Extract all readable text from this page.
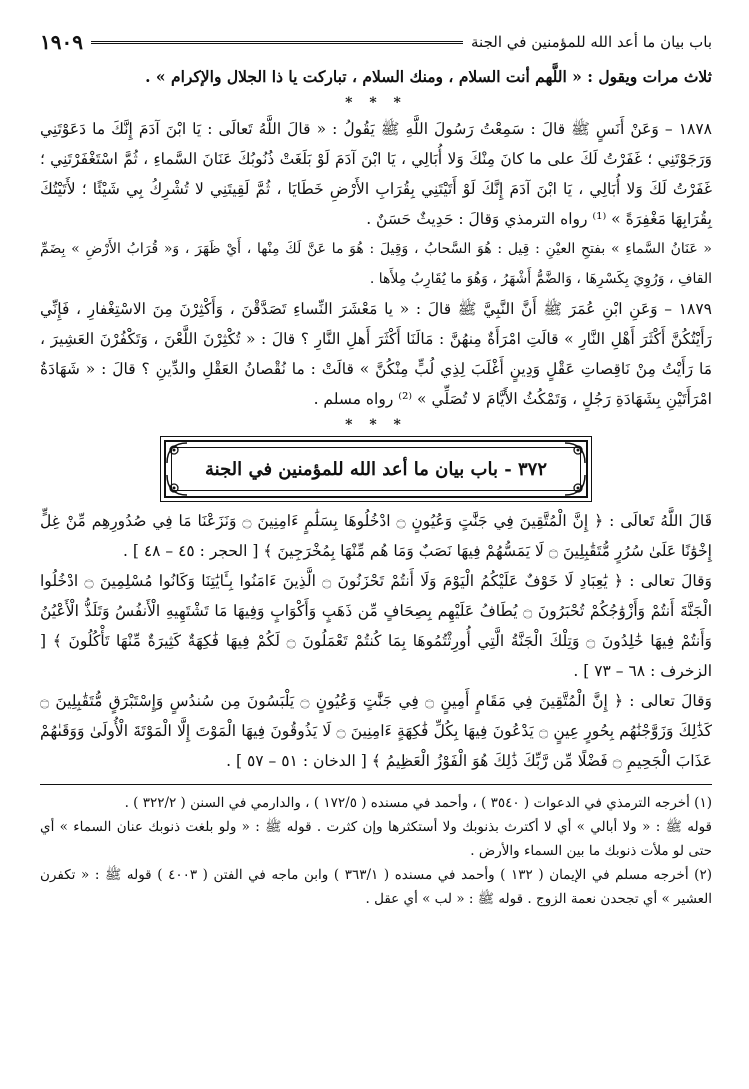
باب بيان ما أعد الله للمؤمنين في الجنة
١٩٠٩

ثلاث مرات ويقول : « اللَّهم أنت السلام ، ومنك السلام ، تباركت يا ذا الجلال والإكرام » .

* * *

١٨٧٨ – وَعَنْ أَنَسٍ ﷺ قالَ : سَمِعْتُ رَسُولَ اللَّهِ ﷺ يَقُولُ : « قالَ اللَّهُ تَعالَى : يَا ابْنَ آدَمَ إِنَّكَ ما دَعَوْتَنِي وَرَجَوْتَنِي ؛ غَفَرْتُ لَكَ على ما كانَ مِنْكَ وَلا أُبَالِي ، يَا ابْنَ آدَمَ لَوْ بَلَغَتْ ذُنُوبُكَ عَنَانَ السَّماءِ ، ثُمَّ اسْتَغْفَرْتَنِي ؛ غَفَرْتُ لَكَ وَلا أُبَالِي ، يَا ابْنَ آدَمَ إِنَّكَ لَوْ أَتَيْتَنِي بِقُرَابِ الأَرْضِ خَطَايَا ، ثُمَّ لَقِيتَنِي لا تُشْرِكُ بِي شَيْئًا ؛ لأَتَيْتُكَ بِقُرَابِهَا مَغْفِرَةً » ⁽¹⁾ رواه الترمذي وَقالَ : حَدِيثٌ حَسَنٌ .

« عَنَانُ السَّماءِ » بفتحِ العيْنِ : قِيل : هُوَ السَّحابُ ، وَقِيلَ : هُوَ ما عَنَّ لَكَ مِنْها ، أَيْ ظَهَرَ ، وَ« قُرَابُ الأَرْضِ » بِضَمِّ القافِ ، وَرُوِيَ بِكَسْرِهَا ، وَالضَّمُّ أَشْهَرُ ، وَهُوَ ما يُقَارِبُ مِلأَها .

١٨٧٩ – وَعَنِ ابْنِ عُمَرَ ﷺ أَنَّ النَّبِيَّ ﷺ قالَ : « يا مَعْشَرَ النِّساءِ تَصَدَّقْنَ ، وَأَكْثِرْنَ مِنَ الاسْتِغْفارِ ، فَإِنِّي رَأَيْتُكُنَّ أَكْثَرَ أَهْلِ النَّارِ » قالَتِ امْرَأَةٌ مِنهُنَّ : مَالَنَا أَكْثَرَ أَهلِ النَّارِ ؟ قالَ : « تُكْثِرْنَ اللَّعْنَ ، وَتَكْفُرْنَ العَشِيرَ ، مَا رَأَيْتُ مِنْ نَاقِصاتِ عَقْلٍ وَدِينٍ أَغْلَبَ لِذِي لُبٍّ مِنْكُنَّ » قالَتْ : ما نُقْصانُ العَقْلِ والدِّينِ ؟ قالَ : « شَهَادَةُ امْرَأَتَيْنِ بِشَهَادَةِ رَجُلٍ ، وَتَمْكُثُ الأَيَّامَ لا تُصَلِّي » ⁽²⁾ رواه مسلم .

* * *
٣٧٢ - باب بيان ما أعد الله للمؤمنين في الجنة

قَالَ اللَّهُ تَعالَى : ﴿ إِنَّ الْمُتَّقِينَ فِي جَنَّٰتٍ وَعُيُونٍ ۝ ادْخُلُوهَا بِسَلَٰمٍ ءَامِنِينَ ۝ وَنَزَعْنَا مَا فِي صُدُورِهِم مِّنْ غِلٍّ إِخْوَٰنًا عَلَىٰ سُرُرٍ مُّتَقَٰبِلِينَ ۝ لَا يَمَسُّهُمْ فِيهَا نَصَبٌ وَمَا هُم مِّنْهَا بِمُخْرَجِينَ ﴾ [ الحجر : ٤٥ – ٤٨ ] .

وَقالَ تعالى : ﴿ يَٰعِبَادِ لَا خَوْفٌ عَلَيْكُمُ الْيَوْمَ وَلَا أَنتُمْ تَحْزَنُونَ ۝ الَّذِينَ ءَامَنُوا بِـَٔايَٰتِنَا وَكَانُوا مُسْلِمِينَ ۝ ادْخُلُوا الْجَنَّةَ أَنتُمْ وَأَزْوَٰجُكُمْ تُحْبَرُونَ ۝ يُطَافُ عَلَيْهِم بِصِحَافٍ مِّن ذَهَبٍ وَأَكْوَابٍ وَفِيهَا مَا تَشْتَهِيهِ الْأَنفُسُ وَتَلَذُّ الْأَعْيُنُ وَأَنتُمْ فِيهَا خَٰلِدُونَ ۝ وَتِلْكَ الْجَنَّةُ الَّتِي أُورِثْتُمُوهَا بِمَا كُنتُمْ تَعْمَلُونَ ۝ لَكُمْ فِيهَا فَٰكِهَةٌ كَثِيرَةٌ مِّنْهَا تَأْكُلُونَ ﴾ [ الزخرف : ٦٨ – ٧٣ ] .

وَقالَ تعالى : ﴿ إِنَّ الْمُتَّقِينَ فِي مَقَامٍ أَمِينٍ ۝ فِي جَنَّٰتٍ وَعُيُونٍ ۝ يَلْبَسُونَ مِن سُندُسٍ وَإِسْتَبْرَقٍ مُّتَقَٰبِلِينَ ۝ كَذَٰلِكَ وَزَوَّجْنَٰهُم بِحُورٍ عِينٍ ۝ يَدْعُونَ فِيهَا بِكُلِّ فَٰكِهَةٍ ءَامِنِينَ ۝ لَا يَذُوقُونَ فِيهَا الْمَوْتَ إِلَّا الْمَوْتَةَ الْأُولَىٰ وَوَقَىٰهُمْ عَذَابَ الْجَحِيمِ ۝ فَضْلًا مِّن رَّبِّكَ ذَٰلِكَ هُوَ الْفَوْزُ الْعَظِيمُ ﴾ [ الدخان : ٥١ – ٥٧ ] .

(١) أخرجه الترمذي في الدعوات ( ٣٥٤٠ ) ، وأحمد في مسنده ( ١٧٢/٥ ) ، والدارمي في السنن ( ٣٢٢/٢ ) .

قوله ﷺ : « ولا أبالي » أي لا أكترث بذنوبك ولا أستكثرها وإن كثرت . قوله ﷺ : « ولو بلغت ذنوبك عنان السماء » أي حتى لو ملأت ذنوبك ما بين السماء والأرض .

(٢) أخرجه مسلم في الإيمان ( ١٣٢ ) وأحمد في مسنده ( ٣٦٣/١ ) وابن ماجه في الفتن ( ٤٠٠٣ ) قوله ﷺ : « تكفرن العشير » أي تجحدن نعمة الزوج . قوله ﷺ : « لب » أي عقل .
